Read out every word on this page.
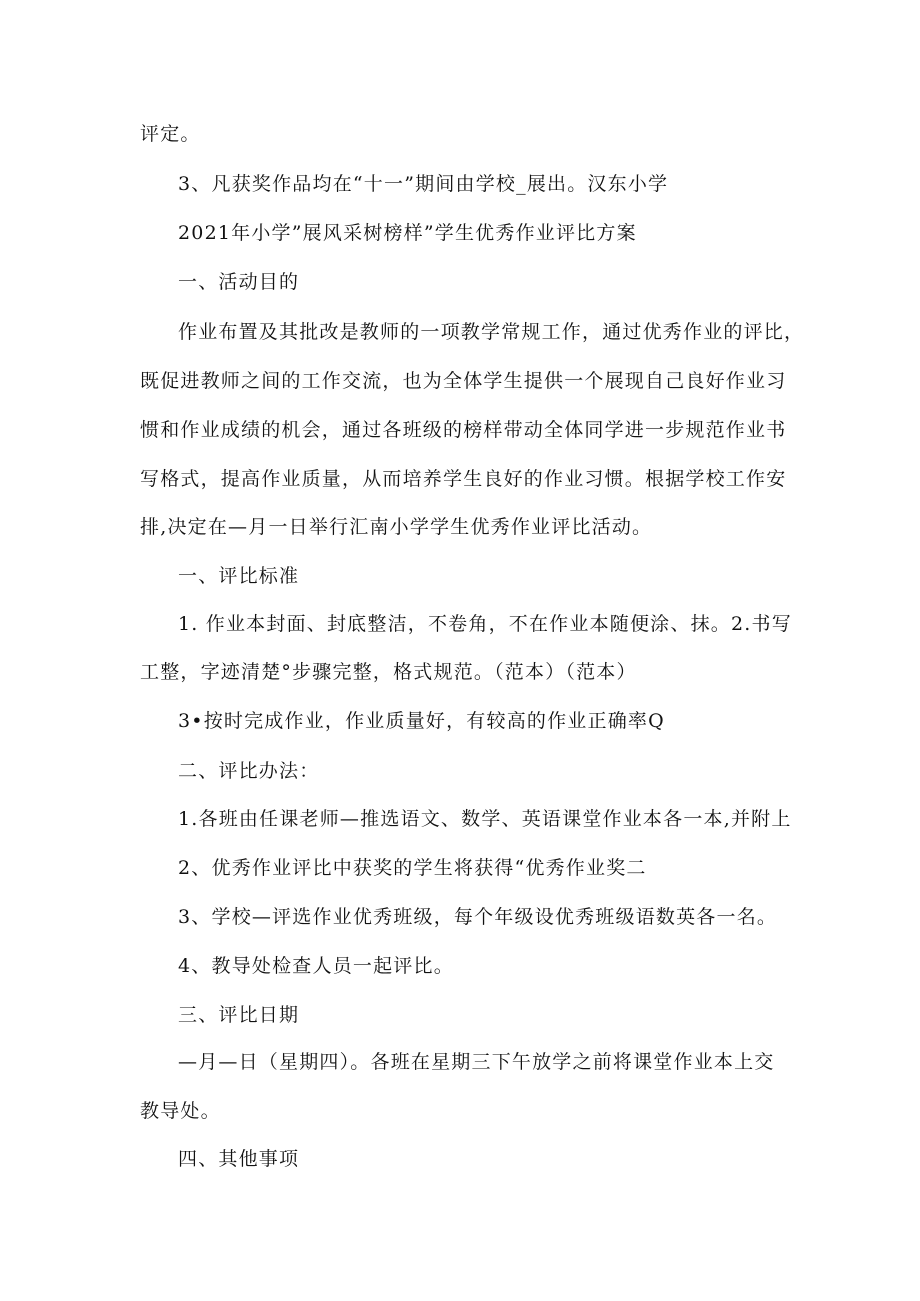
评定。
3、凡获奖作品均在“十一”期间由学校_展出。汉东小学
2021年小学”展风采树榜样”学生优秀作业评比方案
一、活动目的
作业布置及其批改是教师的一项教学常规工作，通过优秀作业的评比，
既促进教师之间的工作交流，也为全体学生提供一个展现自己良好作业习
惯和作业成绩的机会，通过各班级的榜样带动全体同学进一步规范作业书
写格式，提高作业质量，从而培养学生良好的作业习惯。根据学校工作安
排,决定在—月一日举行汇南小学学生优秀作业评比活动。
一、评比标准
1. 作业本封面、封底整洁，不卷角，不在作业本随便涂、抹。2.书写
工整，字迹清楚°步骤完整，格式规范。（范本）（范本）
3•按时完成作业，作业质量好，有较高的作业正确率Q
二、评比办法：
1.各班由任课老师—推选语文、数学、英语课堂作业本各一本,并附上
2、优秀作业评比中获奖的学生将获得“优秀作业奖二
3、学校—评选作业优秀班级，每个年级设优秀班级语数英各一名。
4、教导处检查人员一起评比。
三、评比日期
—月—日（星期四）。各班在星期三下午放学之前将课堂作业本上交
教导处。
四、其他事项
